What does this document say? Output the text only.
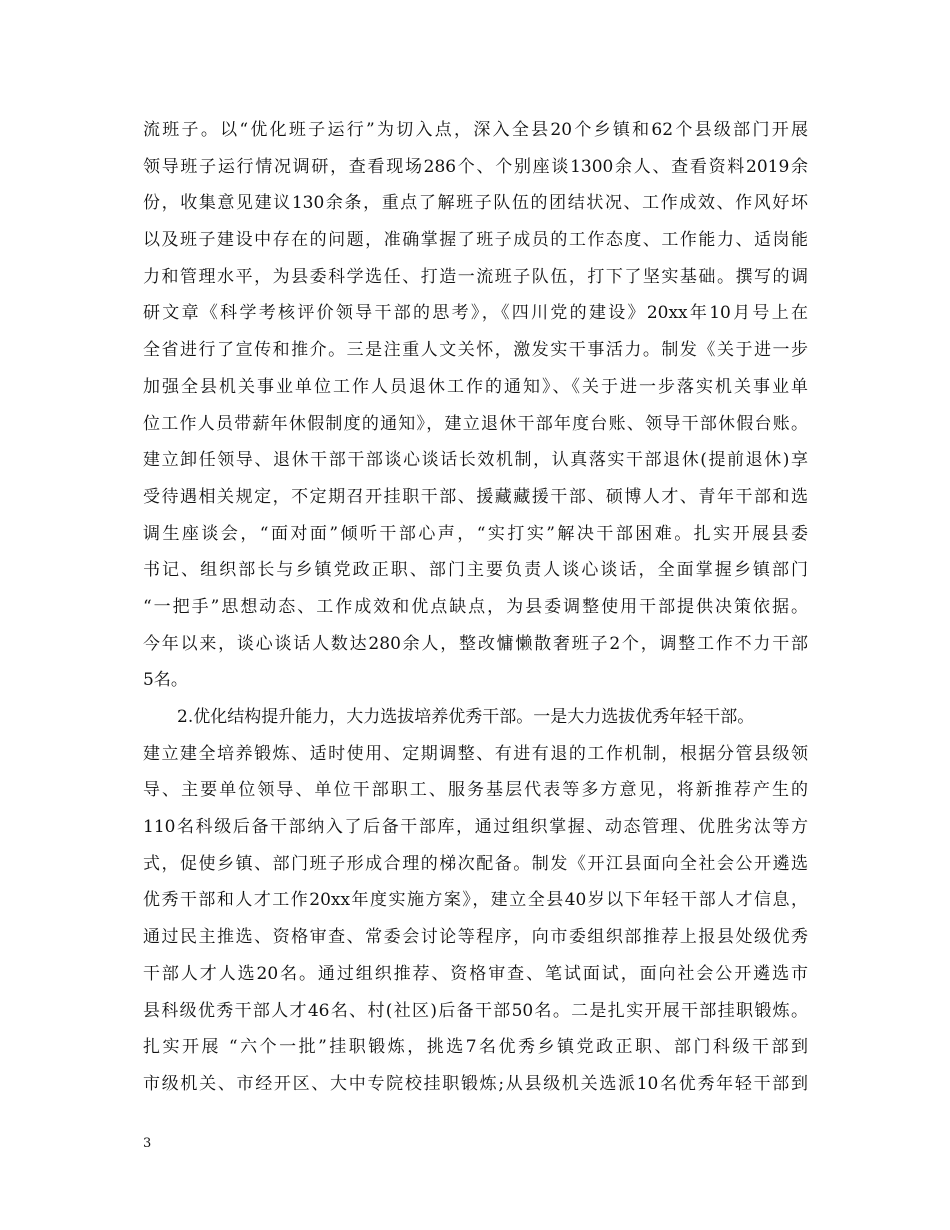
流班子。以“优化班子运行”为切入点，深入全县20个乡镇和62个县级部门开展
领导班子运行情况调研，查看现场286个、个别座谈1300余人、查看资料2019余
份，收集意见建议130余条，重点了解班子队伍的团结状况、工作成效、作风好坏
以及班子建设中存在的问题，准确掌握了班子成员的工作态度、工作能力、适岗能
力和管理水平，为县委科学选任、打造一流班子队伍，打下了坚实基础。撰写的调
研文章《科学考核评价领导干部的思考》，《四川党的建设》20xx年10月号上在
全省进行了宣传和推介。三是注重人文关怀，激发实干事活力。制发《关于进一步
加强全县机关事业单位工作人员退休工作的通知》、《关于进一步落实机关事业单
位工作人员带薪年休假制度的通知》，建立退休干部年度台账、领导干部休假台账。
建立卸任领导、退休干部干部谈心谈话长效机制，认真落实干部退休(提前退休)享
受待遇相关规定，不定期召开挂职干部、援藏藏援干部、硕博人才、青年干部和选
调生座谈会，“面对面”倾听干部心声，“实打实”解决干部困难。扎实开展县委
书记、组织部长与乡镇党政正职、部门主要负责人谈心谈话，全面掌握乡镇部门
“一把手”思想动态、工作成效和优点缺点，为县委调整使用干部提供决策依据。
今年以来，谈心谈话人数达280余人，整改慵懒散奢班子2个，调整工作不力干部
5名。
2.优化结构提升能力，大力选拔培养优秀干部。一是大力选拔优秀年轻干部。
建立建全培养锻炼、适时使用、定期调整、有进有退的工作机制，根据分管县级领
导、主要单位领导、单位干部职工、服务基层代表等多方意见，将新推荐产生的
110名科级后备干部纳入了后备干部库，通过组织掌握、动态管理、优胜劣汰等方
式，促使乡镇、部门班子形成合理的梯次配备。制发《开江县面向全社会公开遴选
优秀干部和人才工作20xx年度实施方案》，建立全县40岁以下年轻干部人才信息，
通过民主推选、资格审查、常委会讨论等程序，向市委组织部推荐上报县处级优秀
干部人才人选20名。通过组织推荐、资格审查、笔试面试，面向社会公开遴选市
县科级优秀干部人才46名、村(社区)后备干部50名。二是扎实开展干部挂职锻炼。
扎实开展 “六个一批”挂职锻炼，挑选7名优秀乡镇党政正职、部门科级干部到
市级机关、市经开区、大中专院校挂职锻炼;从县级机关选派10名优秀年轻干部到
3
